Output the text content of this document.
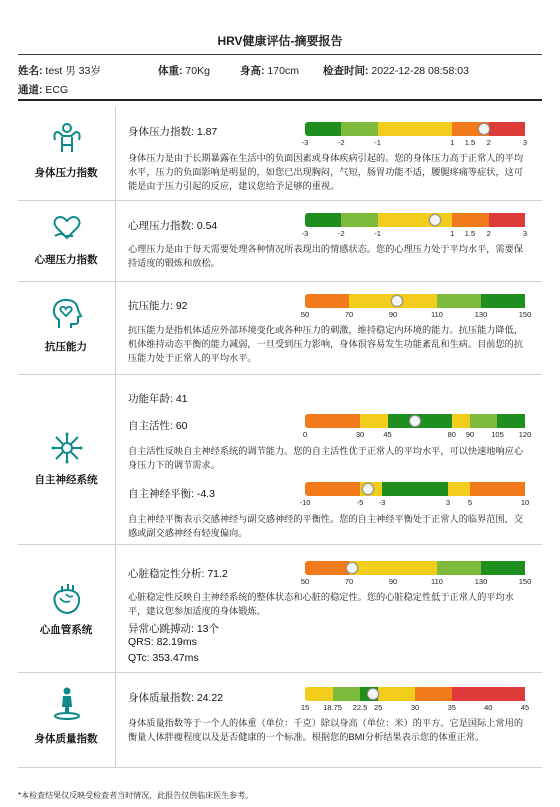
HRV健康评估-摘要报告
姓名: test 男 33岁	体重: 70Kg	身高: 170cm 检查时间: 2022-12-28 08:58:03
通道: ECG
身体压力指数
身体压力指数: 1.87
-3	-2	-1	1 1.5 2	3
身体压力是由于长期暴露在生活中的负面因素或身体疾病引起的。您的身体压力高于正常人的平均水平，压力的负面影响是明显的，如您已出现胸闷，气短，肠胃功能不适，腰腿疼痛等症状，这可能是由于压力引起的反应，建议您给予足够的重视。
心理压力指数
心理压力指数: 0.54
-3	-2	-1	1 1.5 2	3
心理压力是由于每天需要处理各种情况所表现出的情感状态。您的心理压力处于平均水平，需要保持适度的锻炼和放松。
抗压能力
抗压能力: 92
50	70	90	110	130	150
抗压能力是指机体适应外部环境变化或各种压力的刺激，维持稳定内环境的能力。抗压能力降低，机体维持动态平衡的能力减弱，一旦受到压力影响，身体很容易发生功能紊乱和生病。目前您的抗压能力处于正常人的平均水平。
自主神经系统
功能年龄: 41
自主活性: 60
0	30	45	80 90 105 120
自主活性反映自主神经系统的调节能力。您的自主活性优于正常人的平均水平，可以快速地响应心身压力下的调节需求。
自主神经平衡: -4.3
-10	-5 -3	3 5	10
自主神经平衡表示交感神经与副交感神经的平衡性。您的自主神经平衡处于正常人的临界范围，交感或副交感神经有轻度偏向。
心血管系统
心脏稳定性分析: 71.2
50	70	90	110	130	150
心脏稳定性反映自主神经系统的整体状态和心脏的稳定性。您的心脏稳定性低于正常人的平均水平，建议您参加适度的身体锻炼。
异常心跳搏动: 13个
QRS: 82.19ms
QTc: 353.47ms
身体质量指数
身体质量指数: 24.22
15 18.75 22.5 25	30	35	40	45
身体质量指数等于一个人的体重（单位：千克）除以身高（单位：米）的平方。它是国际上常用的衡量人体胖瘦程度以及是否健康的一个标准。根据您的BMI分析结果表示您的体重正常。
*本检查结果仅反映受检查者当时情况，此报告仅供临床医生参考。
